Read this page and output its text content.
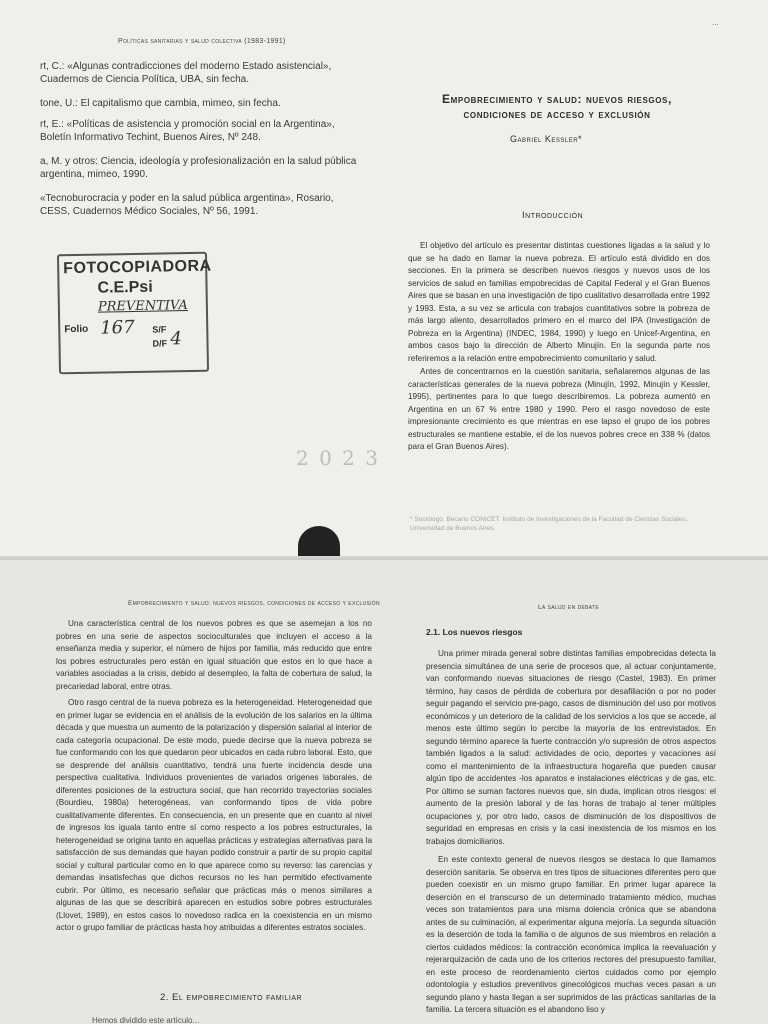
Políticas sanitarias y salud colectiva (1983-1991)
rt, C.: «Algunas contradicciones del moderno Estado asistencial», Cuadernos de Ciencia Política, UBA, sin fecha.
tone, U.: El capitalismo que cambia, mimeo, sin fecha.
rt, E.: «Políticas de asistencia y promoción social en la Argentina», Boletín Informativo Techint, Buenos Aires, Nº 248.
a, M. y otros: Ciencia, ideología y profesionalización en la salud pública argentina, mimeo, 1990.
«Tecnoburocracia y poder en la salud pública argentina», Rosario, CESS, Cuadernos Médico Sociales, Nº 56, 1991.
FOTOCOPIADORA
C.E.Psi
PREVENTIVA
Folio 167 S/F
D/F 4
2 0 2 3
...
Empobrecimiento y salud: nuevos riesgos,
condiciones de acceso y exclusión
Gabriel Kessler*
Introducción
El objetivo del artículo es presentar distintas cuestiones ligadas a la salud y lo que se ha dado en llamar la nueva pobreza. El artículo está dividido en dos secciones. En la primera se describen nuevos riesgos y nuevos usos de los servicios de salud en familias empobrecidas de Capital Federal y el Gran Buenos Aires que se basan en una investigación de tipo cualitativo desarrollada entre 1992 y 1993. Esta, a su vez se articula con trabajos cuantitativos sobre la pobreza de más largo aliento, desarrollados primero en el marco del IPA (Investigación de Pobreza en la Argentina) (INDEC, 1984, 1990) y luego en Unicef-Argentina, en ambos casos bajo la dirección de Alberto Minujín. En la segunda parte nos referiremos a la relación entre empobrecimiento comunitario y salud.
Antes de concentrarnos en la cuestión sanitaria, señalaremos algunas de las características generales de la nueva pobreza (Minujín, 1992, Minujín y Kessler, 1995), pertinentes para lo que luego describiremos. La pobreza aumentó en Argentina en un 67 % entre 1980 y 1990. Pero el rasgo novedoso de este impresionante crecimiento es que mientras en ese lapso el grupo de los pobres estructurales se mantiene estable, el de los nuevos pobres crece en 338 % (datos para el Gran Buenos Aires).
* Sociólogo. Becario CONICET. Instituto de Investigaciones de la Facultad de Ciencias Sociales, Universidad de Buenos Aires.
Empobrecimiento y salud: nuevos riesgos, condiciones de acceso y exclusión
Una característica central de los nuevos pobres es que se asemejan a los no pobres en una serie de aspectos socioculturales que incluyen el acceso a la enseñanza media y superior, el número de hijos por familia, más reducido que entre los pobres estructurales pero están en igual situación que estos en lo que hace a variables asociadas a la crisis, debido al desempleo, la falta de cobertura de salud, la precariedad laboral, entre otras.
Otro rasgo central de la nueva pobreza es la heterogeneidad. Heterogeneidad que en primer lugar se evidencia en el análisis de la evolución de los salarios en la última década y que muestra un aumento de la polarización y dispersión salarial al interior de cada categoría ocupacional. De este modo, puede decirse que la nueva pobreza se fue conformando con los que quedaron peor ubicados en cada rubro laboral. Esto, que se desprende del análisis cuantitativo, tendrá una fuerte incidencia desde una perspectiva cualitativa. Individuos provenientes de variados orígenes laborales, de diferentes posiciones de la estructura social, que han recorrido trayectorias sociales (Bourdieu, 1980a) heterogéneas, van conformando tipos de vida pobre cualitativamente diferentes. En consecuencia, en un presente que en cuanto al nivel de ingresos los iguala tanto entre sí como respecto a los pobres estructurales, la heterogeneidad se origina tanto en aquellas prácticas y estrategias alternativas para la satisfacción de sus demandas que hayan podido construir a partir de su propio capital social y cultural particular como en lo que aparece como su reverso: las carencias y demandas insatisfechas que dichos recursos no les han permitido efectivamente cubrir. Por último, es necesario señalar que prácticas más o menos similares a algunas de las que se describirá aparecen en estudios sobre pobres estructurales (Llovet, 1989), en estos casos lo novedoso radica en la coexistencia en un mismo actor o grupo familiar de prácticas hasta hoy atribuidas a diferentes estratos sociales.
2. El empobrecimiento familiar
Hemos dividido este artículo...
La salud en debate
2.1. Los nuevos riesgos
Una primer mirada general sobre distintas familias empobrecidas detecta la presencia simultánea de una serie de procesos que, al actuar conjuntamente, van conformando nuevas situaciones de riesgo (Castel, 1983). En primer término, hay casos de pérdida de cobertura por desafiliación o por no poder seguir pagando el servicio pre-pago, casos de disminución del uso por motivos económicos y un deterioro de la calidad de los servicios a los que se accede, al menos este último según lo percibe la mayoría de los entrevistados. En segundo término aparece la fuerte contracción y/o supresión de otros aspectos también ligados a la salud: actividades de ocio, deportes y vacaciones así como el mantenimiento de la infraestructura hogareña que pueden causar algún tipo de accidentes -los aparatos e instalaciones eléctricas y de gas, etc. Por último se suman factores nuevos que, sin duda, implican otros riesgos: el aumento de la presión laboral y de las horas de trabajo al tener múltiples ocupaciones y, por otro lado, casos de disminución de los dispositivos de seguridad en empresas en crisis y la casi inexistencia de los mismos en los trabajos domiciliarios.
En este contexto general de nuevos riesgos se destaca lo que llamamos deserción sanitaria. Se observa en tres tipos de situaciones diferentes pero que pueden coexistir en un mismo grupo familiar. En primer lugar aparece la deserción en el transcurso de un determinado tratamiento médico, muchas veces son tratamientos para una misma dolencia crónica que se abandona antes de su culminación, al experimentar alguna mejoría. La segunda situación es la deserción de toda la familia o de algunos de sus miembros en relación a ciertos cuidados médicos: la contracción económica implica la reevaluación y rejerarquización de cada uno de los criterios rectores del presupuesto familiar, en este proceso de reordenamiento ciertos cuidados como por ejemplo odontología y estudios preventivos ginecológicos muchas veces pasan a un segundo plano y hasta llegan a ser suprimidos de las prácticas sanitarias de la familia. La tercera situación es el abandono liso y
